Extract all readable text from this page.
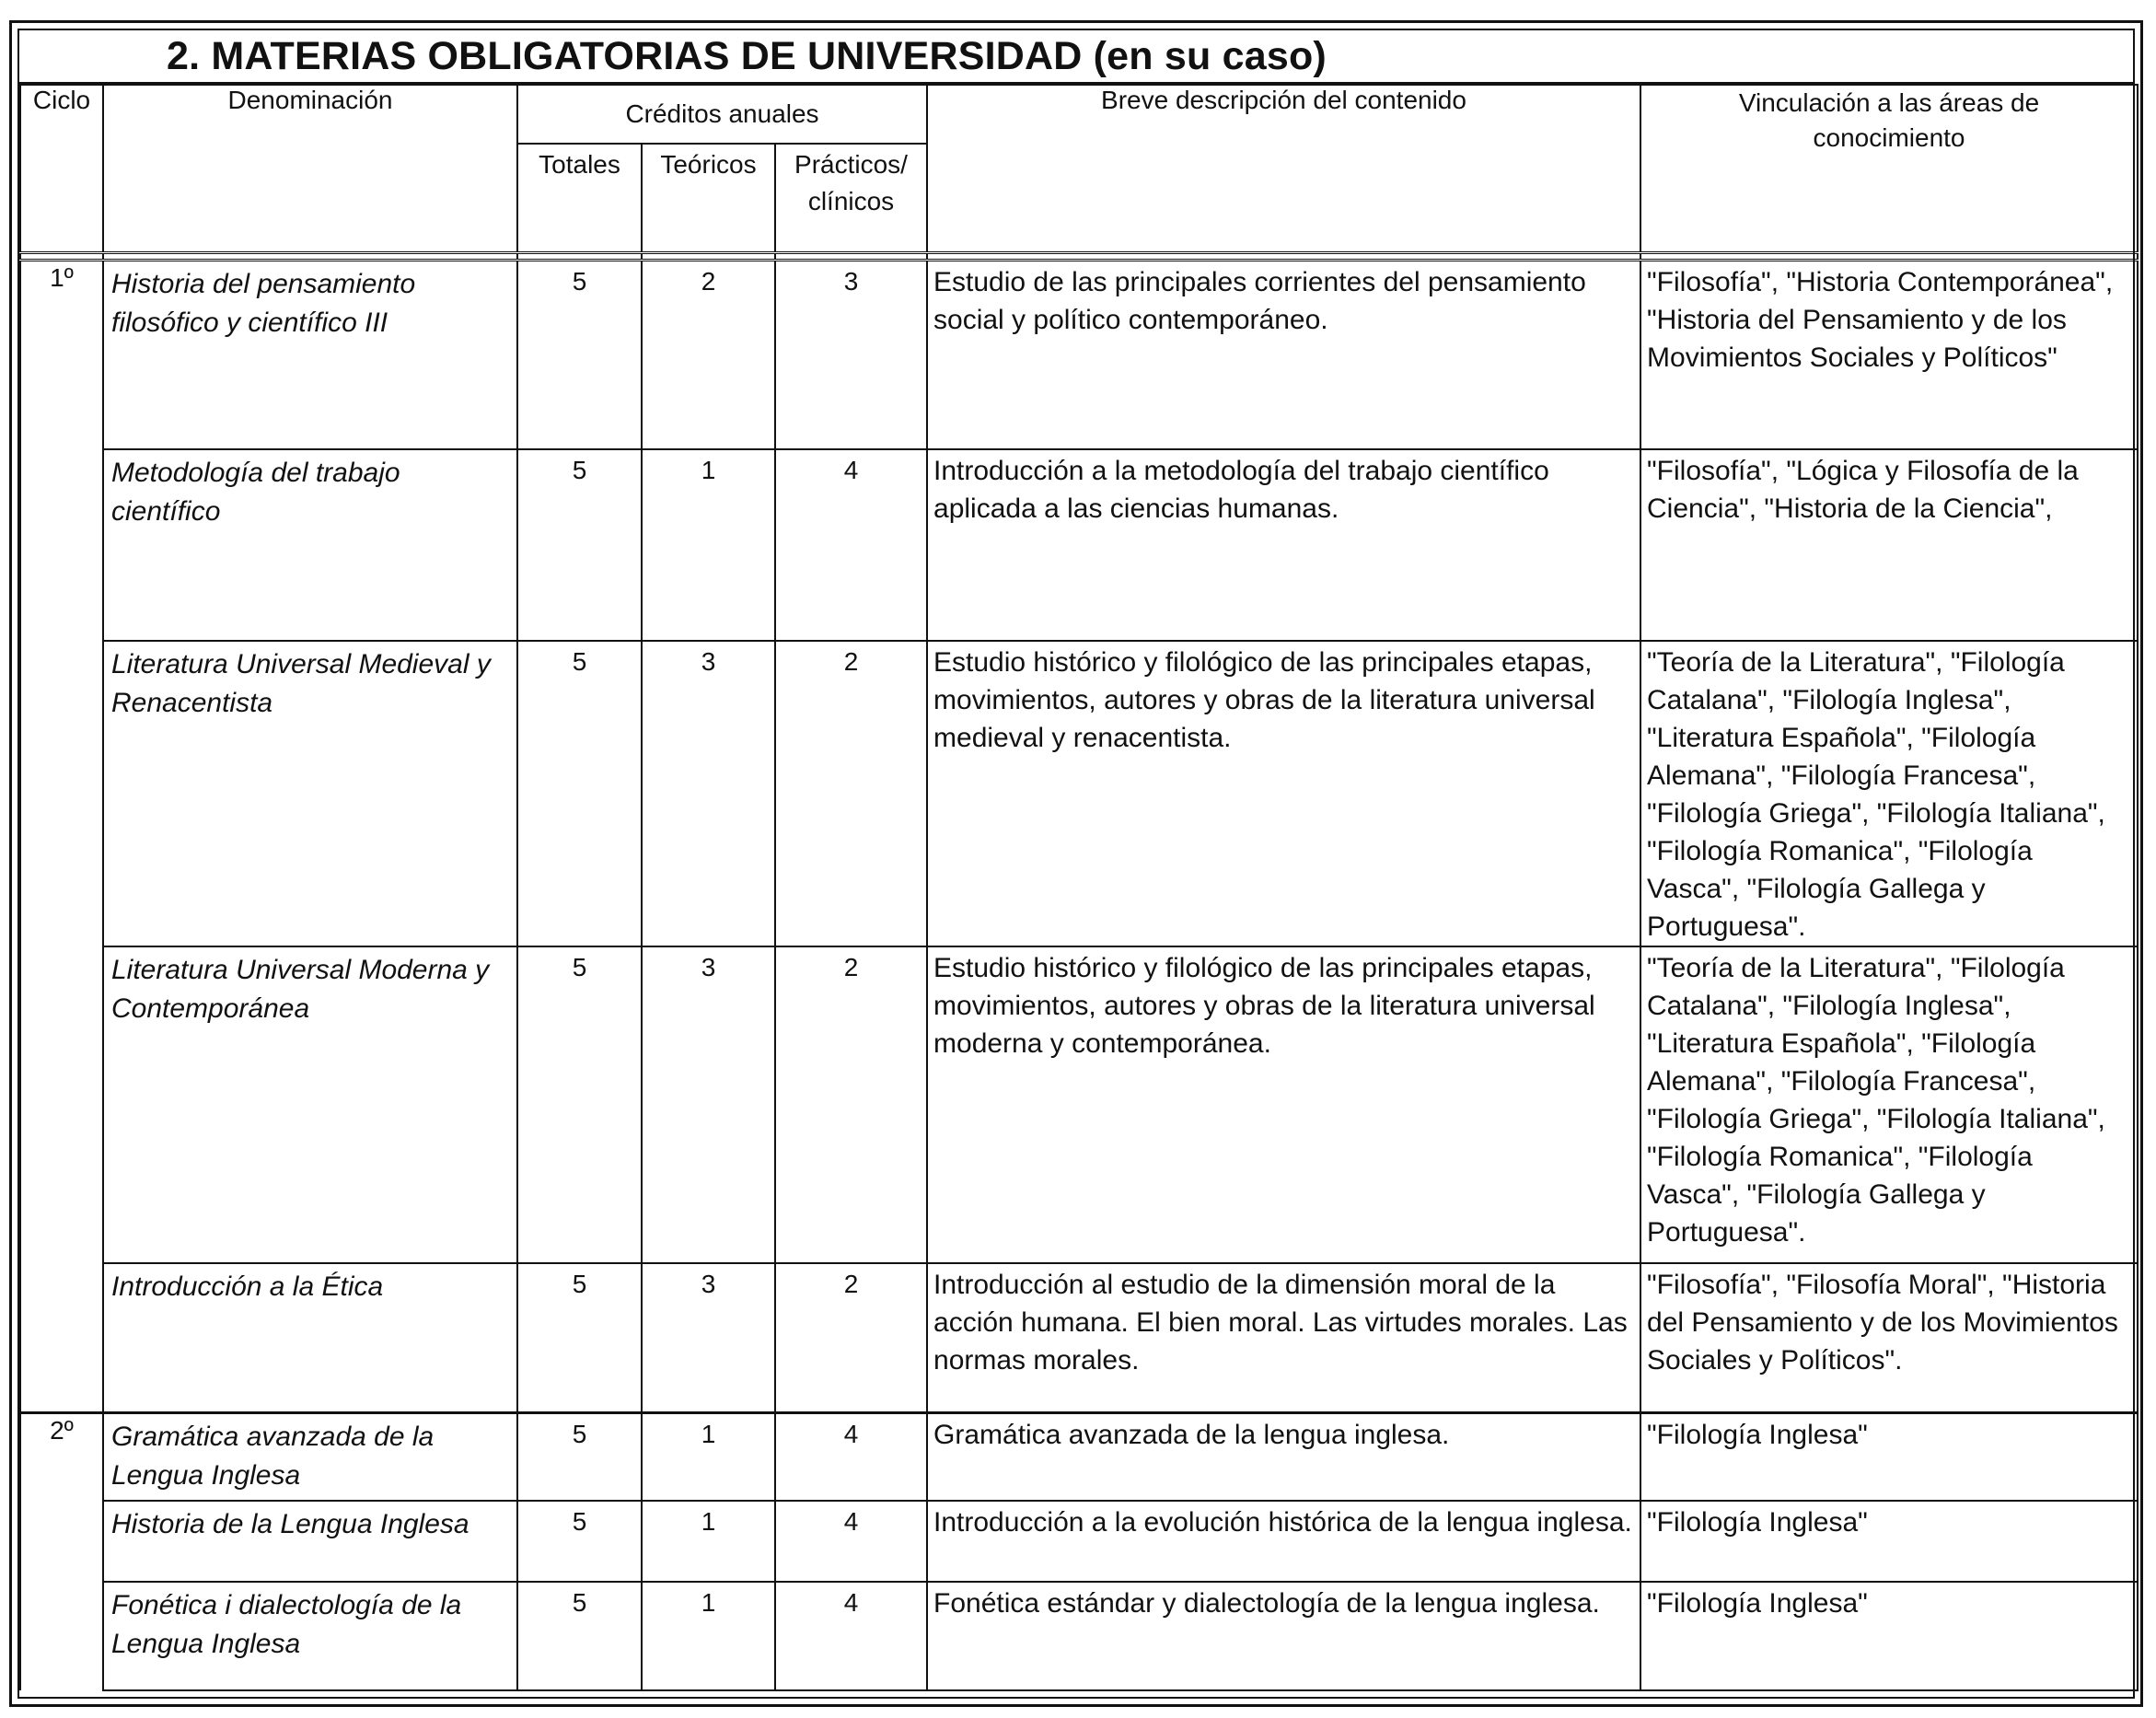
2. MATERIAS OBLIGATORIAS DE UNIVERSIDAD (en su caso)
Ciclo	Denominación	Créditos anuales			Breve descripción del contenido	Vinculación a las áreas de
conocimiento

		Totales	Teóricos	Prácticos/
clínicos		

1º	Historia del pensamiento filosófico y científico III	5	2	3	Estudio de las principales corrientes del pensamiento social y político contemporáneo.	"Filosofía", "Historia Contemporánea", "Historia del Pensamiento y de los Movimientos Sociales y Políticos"
	Metodología del trabajo científico	5	1	4	Introducción a la metodología del trabajo científico aplicada a las ciencias humanas.	"Filosofía", "Lógica y Filosofía de la Ciencia", "Historia de la Ciencia",
	Literatura Universal Medieval y Renacentista	5	3	2	Estudio histórico y filológico de las principales etapas, movimientos, autores y obras de la literatura universal medieval y renacentista.	"Teoría de la Literatura", "Filología Catalana", "Filología Inglesa", "Literatura Española", "Filología Alemana", "Filología Francesa", "Filología Griega", "Filología Italiana", "Filología Romanica", "Filología Vasca", "Filología Gallega y Portuguesa".
	Literatura Universal Moderna y Contemporánea	5	3	2	Estudio histórico y filológico de las principales etapas, movimientos, autores y obras de la literatura universal moderna y contemporánea.	"Teoría de la Literatura", "Filología Catalana", "Filología Inglesa", "Literatura Española", "Filología Alemana", "Filología Francesa", "Filología Griega", "Filología Italiana", "Filología Romanica", "Filología Vasca", "Filología Gallega y Portuguesa".
	Introducción a la Ética	5	3	2	Introducción al estudio de la dimensión moral de la acción humana. El bien moral. Las virtudes morales. Las normas morales.	"Filosofía", "Filosofía Moral", "Historia del Pensamiento y de los Movimientos Sociales y Políticos".
2º	Gramática avanzada de la Lengua Inglesa	5	1	4	Gramática avanzada de la lengua inglesa.	"Filología Inglesa"
	Historia de la Lengua Inglesa	5	1	4	Introducción a la evolución histórica de la lengua inglesa.	"Filología Inglesa"
	Fonética i dialectología de la Lengua Inglesa	5	1	4	Fonética estándar y dialectología de la lengua inglesa.	"Filología Inglesa"
